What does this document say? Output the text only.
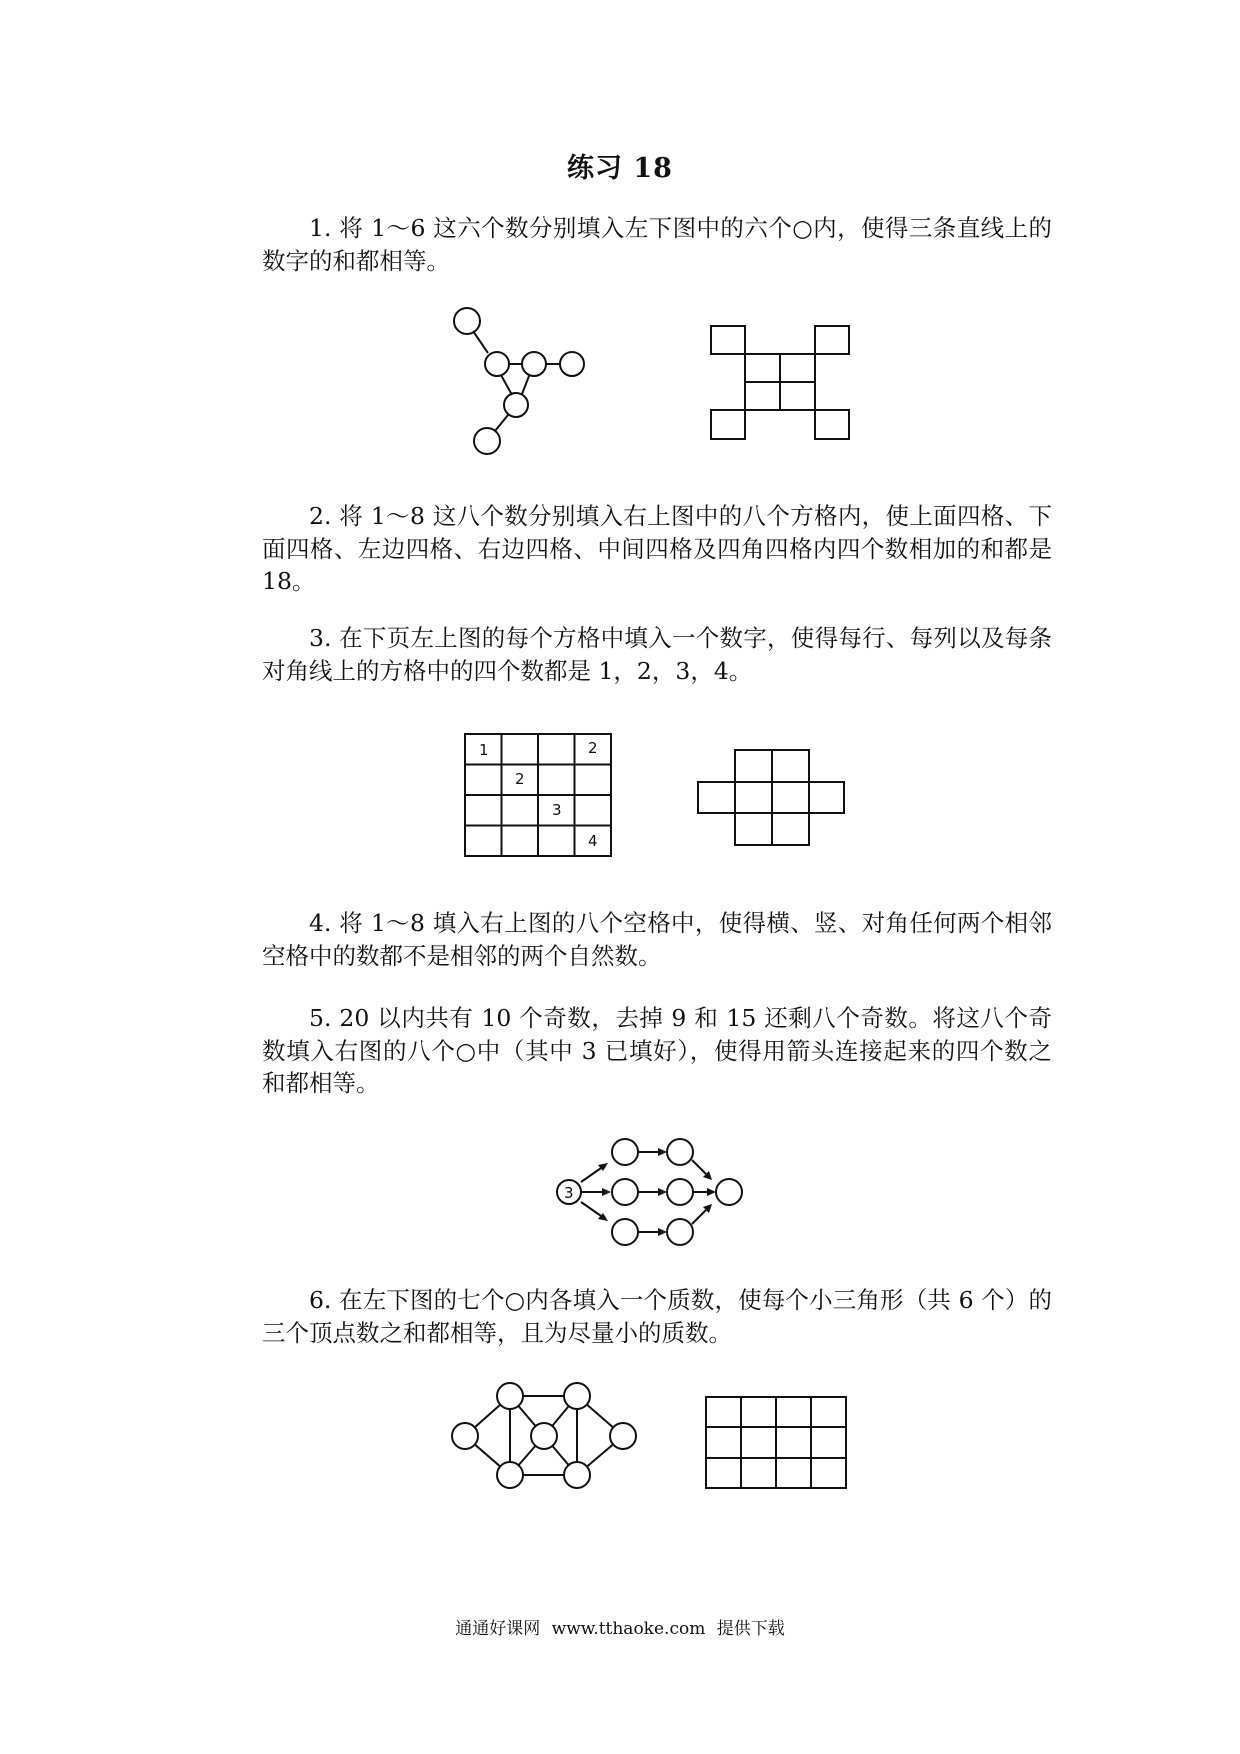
练习 18

1. 将 1～6 这六个数分别填入左下图中的六个○内，使得三条直线上的数字的和都相等。

2. 将 1～8 这八个数分别填入右上图中的八个方格内，使上面四格、下面四格、左边四格、右边四格、中间四格及四角四格内四个数相加的和都是 18。

3. 在下页左上图的每个方格中填入一个数字，使得每行、每列以及每条对角线上的方格中的四个数都是 1，2，3，4。

1	2
2
3
4

4. 将 1～8 填入右上图的八个空格中，使得横、竖、对角任何两个相邻空格中的数都不是相邻的两个自然数。

5. 20 以内共有 10 个奇数，去掉 9 和 15 还剩八个奇数。将这八个奇数填入右图的八个○中（其中 3 已填好），使得用箭头连接起来的四个数之和都相等。

3

6. 在左下图的七个○内各填入一个质数，使每个小三角形（共 6 个）的三个顶点数之和都相等，且为尽量小的质数。

通通好课网 www.tthaoke.com 提供下载
